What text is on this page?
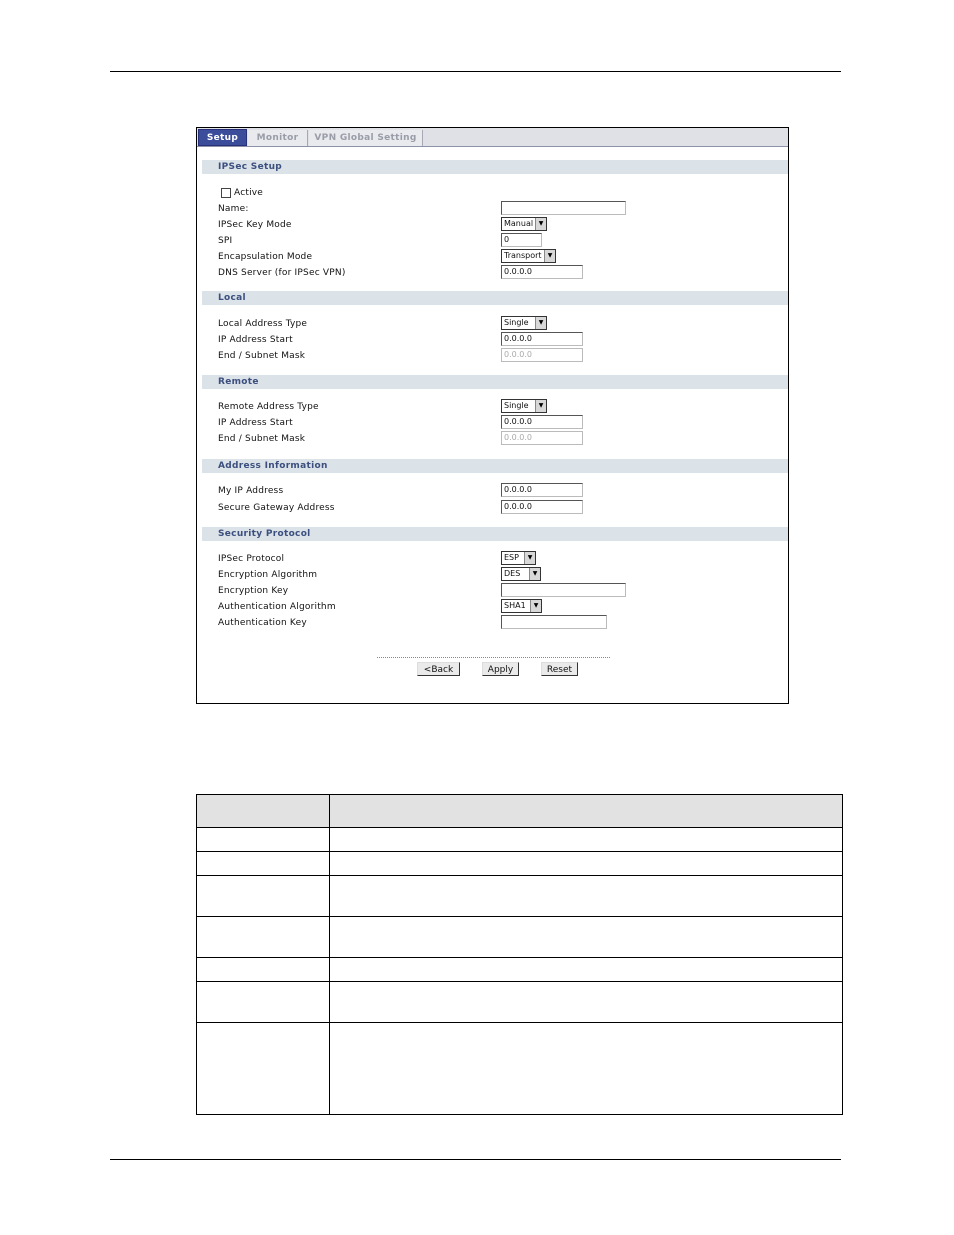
Setup	Monitor	VPN Global Setting
IPSec Setup
Active
Name:
IPSec Key Mode	Manual ▼
SPI	0
Encapsulation Mode	Transport	▼
DNS Server (for IPSec VPN)	0.0.0.0
Local
Local Address Type	Single	▼
IP Address Start	0.0.0.0
End / Subnet Mask	0.0.0.0
Remote
Remote Address Type	Single	▼
IP Address Start	0.0.0.0
End / Subnet Mask	0.0.0.0
Address Information
My IP Address	0.0.0.0
Secure Gateway Address	0.0.0.0
Security Protocol
IPSec Protocol	ESP	▼
Encryption Algorithm	DES	▼
Encryption Key
Authentication Algorithm	SHA1	▼
Authentication Key
<Back	Apply	Reset
